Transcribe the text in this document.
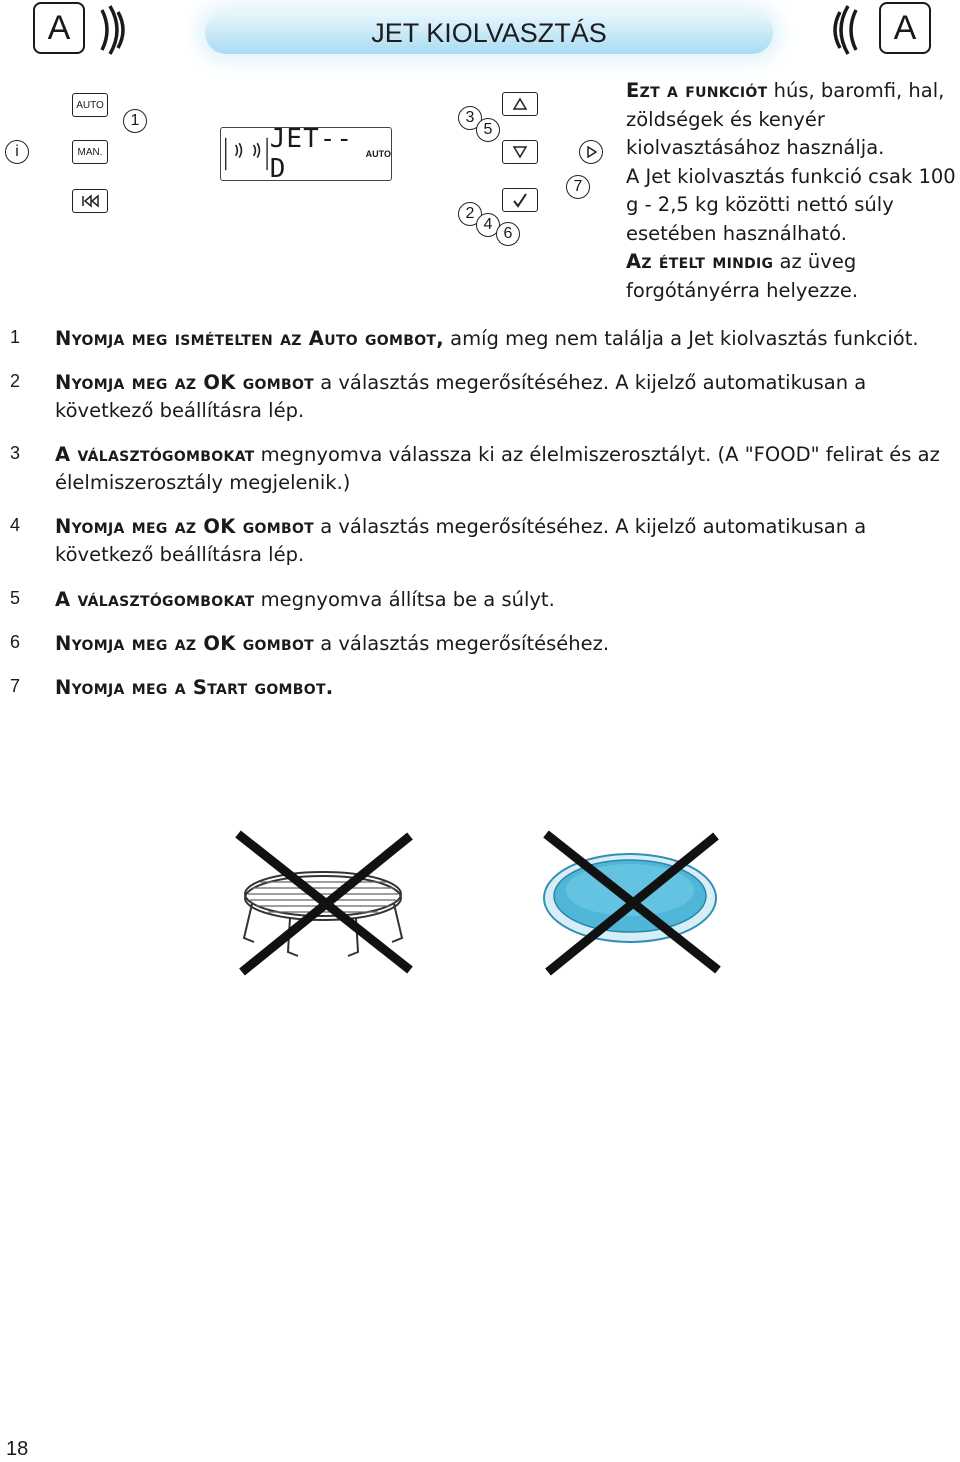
A	JET KIOLVASZTÁS	A
i
AUTO
MAN.
1
JET--D	AUTO
3
5
2
4
6
7
Ezt a funkciót hús, baromfi, hal, zöldségek és kenyér kiolvasztásához használja.
A Jet kiolvasztás funkció csak 100 g - 2,5 kg közötti nettó súly esetében használható.
Az ételt mindig az üveg forgótányérra helyezze.
1 Nyomja meg ismételten az Auto gombot, amíg meg nem találja a Jet kiolvasztás funkciót.
2 Nyomja meg az OK gombot a választás megerősítéséhez. A kijelző automatikusan a következő beállításra lép.
3 A választógombokat megnyomva válassza ki az élelmiszerosztályt. (A "FOOD" felirat és az élelmiszerosztály megjelenik.)
4 Nyomja meg az OK gombot a választás megerősítéséhez. A kijelző automatikusan a következő beállításra lép.
5 A választógombokat megnyomva állítsa be a súlyt.
6 Nyomja meg az OK gombot a választás megerősítéséhez.
7 Nyomja meg a Start gombot.
18
